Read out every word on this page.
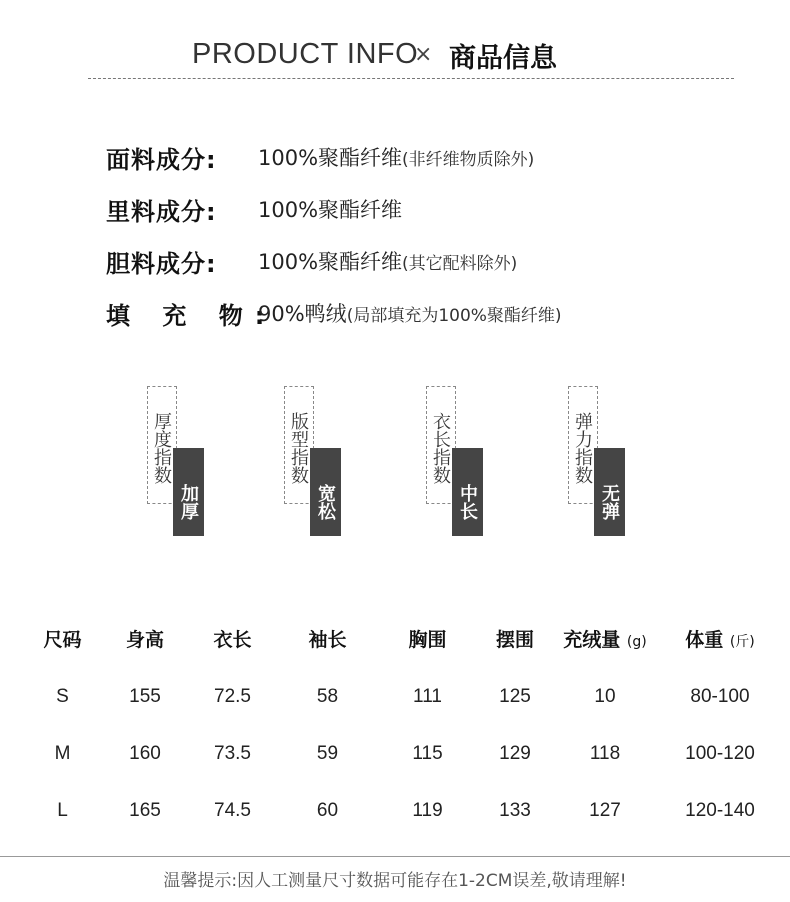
PRODUCT INFO
× 商品信息
面料成分: 100%聚酯纤维(非纤维物质除外)
里料成分: 100%聚酯纤维
胆料成分: 100%聚酯纤维(其它配料除外)
填 充 物:
90%鸭绒(局部填充为100%聚酯纤维)
厚度指数
加厚
版型指数
宽松
衣长指数
中长
弹力指数
无弹
尺码	身高	衣长	袖长	胸围	摆围	充绒量 (g)	体重 (斤)
S	155	72.5	58	111	125	10	80-100
M	160	73.5	59	115	129	118	100-120
L	165	74.5	60	119	133	127	120-140
温馨提示:因人工测量尺寸数据可能存在1-2CM误差,敬请理解!
